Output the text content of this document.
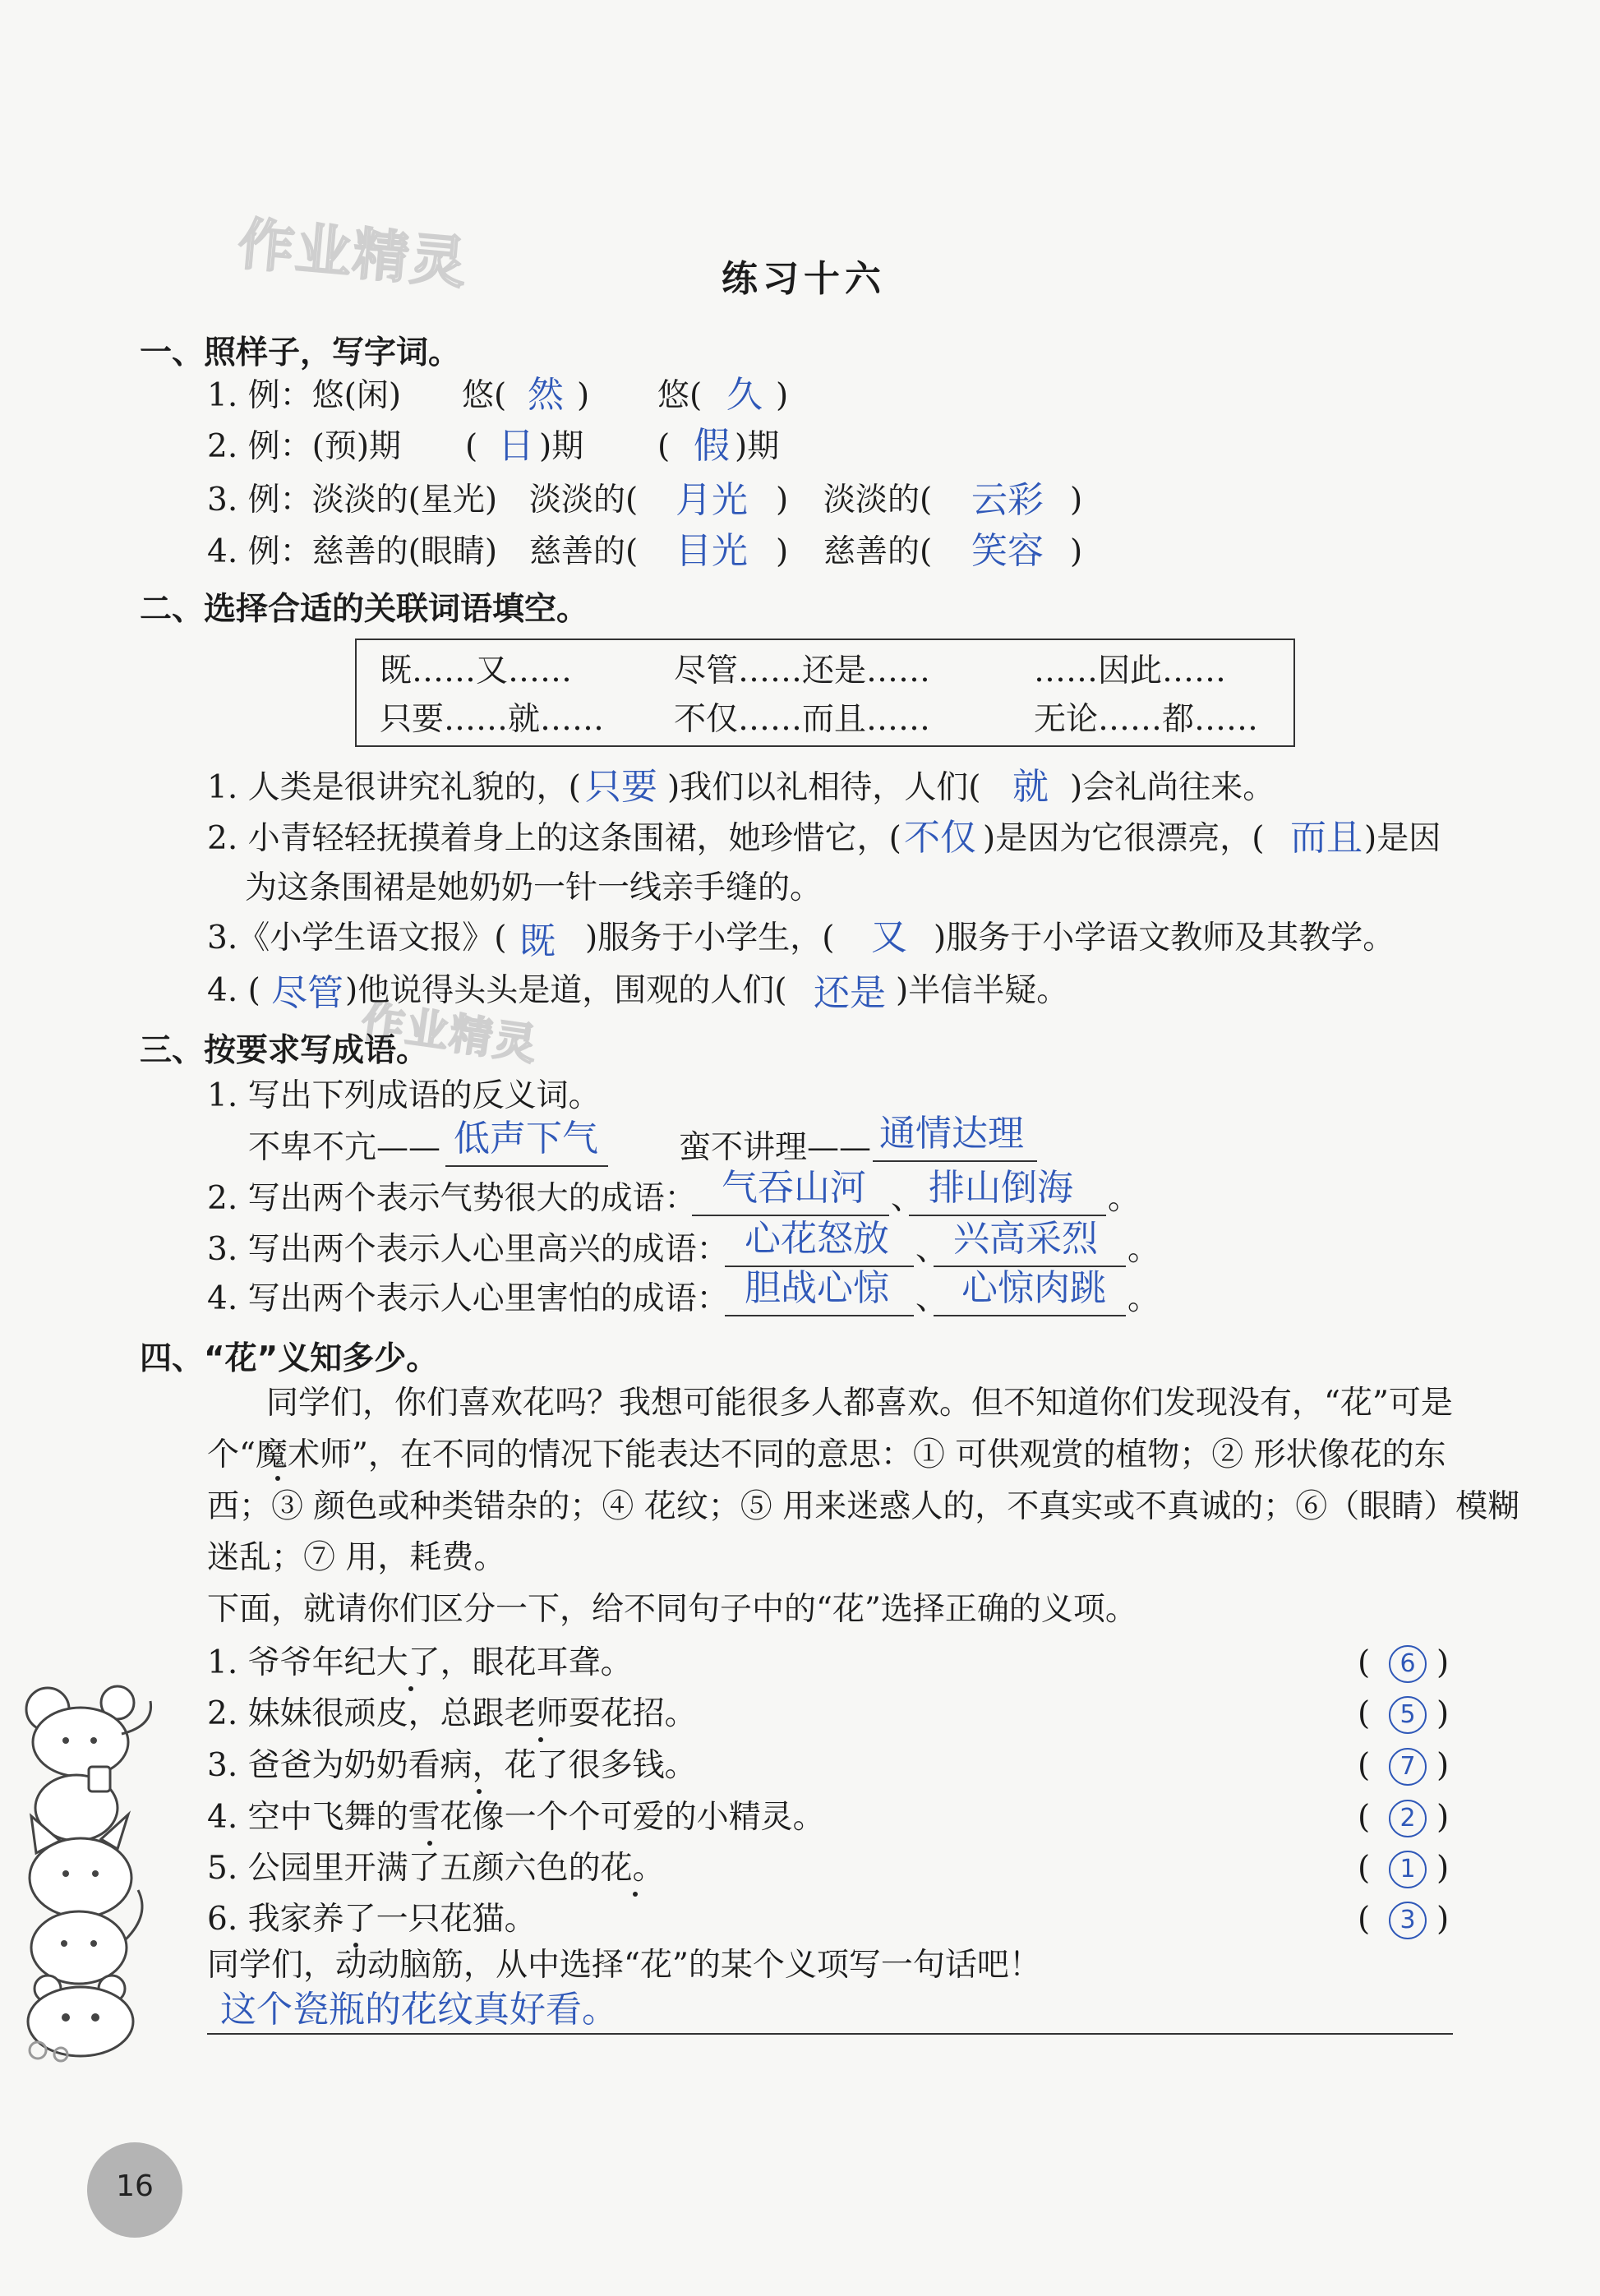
作业精灵
作业精灵
练习十六
一、照样子，写字词。
1. 例：悠(闲) 悠( 然 ) 悠( 久 )
2. 例：(预)期 ( 日 )期 ( 假 )期
3. 例：淡淡的(星光) 淡淡的( 月光 ) 淡淡的( 云彩 )
4. 例：慈善的(眼睛) 慈善的( 目光 ) 慈善的( 笑容 )
二、选择合适的关联词语填空。
既……又……	尽管……还是……	……因此……
只要……就…… 不仅……而且……	无论……都……
1. 人类是很讲究礼貌的，( 只要 )我们以礼相待，人们( 就 )会礼尚往来。
2. 小青轻轻抚摸着身上的这条围裙，她珍惜它，( 不仅 )是因为它很漂亮，( 而且 )是因
为这条围裙是她奶奶一针一线亲手缝的。
3.《小学生语文报》( 既 )服务于小学生，( 又 )服务于小学语文教师及其教学。
4. ( 尽管 )他说得头头是道，围观的人们( 还是 )半信半疑。
三、按要求写成语。
1. 写出下列成语的反义词。
不卑不亢—— 低声下气	蛮不讲理—— 通情达理
2. 写出两个表示气势很大的成语： 气吞山河 、 排山倒海 。
3. 写出两个表示人心里高兴的成语： 心花怒放 、 兴高采烈 。
4. 写出两个表示人心里害怕的成语： 胆战心惊 、 心惊肉跳 。
四、“花”义知多少。
同学们，你们喜欢花吗？我想可能很多人都喜欢。但不知道你们发现没有，“花”可是
个“魔术师”，在不同的情况下能表达不同的意思：① 可供观赏的植物；② 形状像花的东
西；③ 颜色或种类错杂的；④ 花纹；⑤ 用来迷惑人的，不真实或不真诚的；⑥（眼睛）模糊
迷乱；⑦ 用，耗费。
下面，就请你们区分一下，给不同句子中的“花”选择正确的义项。
1. 爷爷年纪大了，眼花耳聋。	(	6 )
2. 妹妹很顽皮，总跟老师耍花招。	(	5 )
3. 爸爸为奶奶看病，花了很多钱。	(	7 )
4. 空中飞舞的雪花像一个个可爱的小精灵。	(	2 )
5. 公园里开满了五颜六色的花。	(	1 )
6. 我家养了一只花猫。	(	3 )
同学们，动动脑筋，从中选择“花”的某个义项写一句话吧！
这个瓷瓶的花纹真好看。
16
